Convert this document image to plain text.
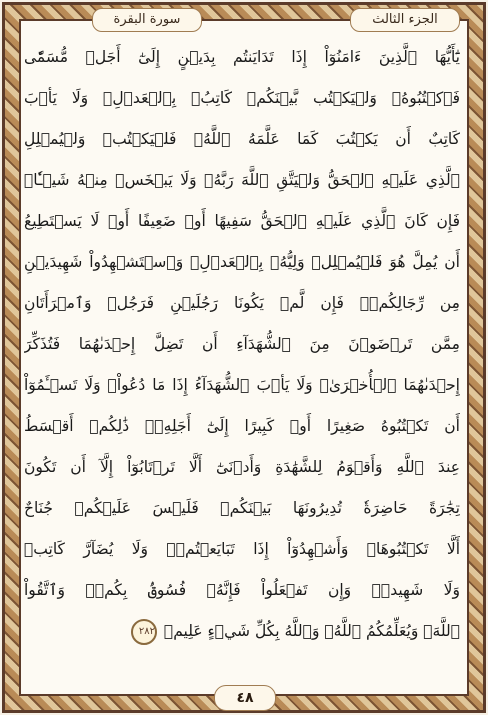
الجزء الثالث
سورة البقرة
يَٰٓأَيُّهَا ٱلَّذِينَ ءَامَنُوٓاْ إِذَا تَدَايَنتُم بِدَيۡنٍ إِلَىٰٓ أَجَلٖ مُّسَمّٗى
فَٱكۡتُبُوهُۚ وَلۡيَكۡتُب بَّيۡنَكُمۡ كَاتِبُۢ بِٱلۡعَدۡلِۚ وَلَا يَأۡبَ
كَاتِبٌ أَن يَكۡتُبَ كَمَا عَلَّمَهُ ٱللَّهُۚ فَلۡيَكۡتُبۡ وَلۡيُمۡلِلِ
ٱلَّذِي عَلَيۡهِ ٱلۡحَقُّ وَلۡيَتَّقِ ٱللَّهَ رَبَّهُۥ وَلَا يَبۡخَسۡ مِنۡهُ شَيۡـٔٗاۚ
فَإِن كَانَ ٱلَّذِي عَلَيۡهِ ٱلۡحَقُّ سَفِيهًا أَوۡ ضَعِيفًا أَوۡ لَا يَسۡتَطِيعُ
أَن يُمِلَّ هُوَ فَلۡيُمۡلِلۡ وَلِيُّهُۥ بِٱلۡعَدۡلِۚ وَٱسۡتَشۡهِدُواْ شَهِيدَيۡنِ
مِن رِّجَالِكُمۡۖ فَإِن لَّمۡ يَكُونَا رَجُلَيۡنِ فَرَجُلٞ وَٱمۡرَأَتَانِ
مِمَّن تَرۡضَوۡنَ مِنَ ٱلشُّهَدَآءِ أَن تَضِلَّ إِحۡدَىٰهُمَا فَتُذَكِّرَ
إِحۡدَىٰهُمَا ٱلۡأُخۡرَىٰۚ وَلَا يَأۡبَ ٱلشُّهَدَآءُ إِذَا مَا دُعُواْۚ وَلَا تَسۡـَٔمُوٓاْ
أَن تَكۡتُبُوهُ صَغِيرًا أَوۡ كَبِيرًا إِلَىٰٓ أَجَلِهِۦۚ ذَٰلِكُمۡ أَقۡسَطُ
عِندَ ٱللَّهِ وَأَقۡوَمُ لِلشَّهَٰدَةِ وَأَدۡنَىٰٓ أَلَّا تَرۡتَابُوٓاْ إِلَّآ أَن تَكُونَ
تِجَٰرَةً حَاضِرَةٗ تُدِيرُونَهَا بَيۡنَكُمۡ فَلَيۡسَ عَلَيۡكُمۡ جُنَاحٌ
أَلَّا تَكۡتُبُوهَاۗ وَأَشۡهِدُوٓاْ إِذَا تَبَايَعۡتُمۡۚ وَلَا يُضَآرَّ كَاتِبٞ
وَلَا شَهِيدٞۚ وَإِن تَفۡعَلُواْ فَإِنَّهُۥ فُسُوقُۢ بِكُمۡۗ وَٱتَّقُواْ
ٱللَّهَۖ وَيُعَلِّمُكُمُ ٱللَّهُۗ وَٱللَّهُ بِكُلِّ شَيۡءٍ عَلِيمٞ ٢٨٢
٤٨
